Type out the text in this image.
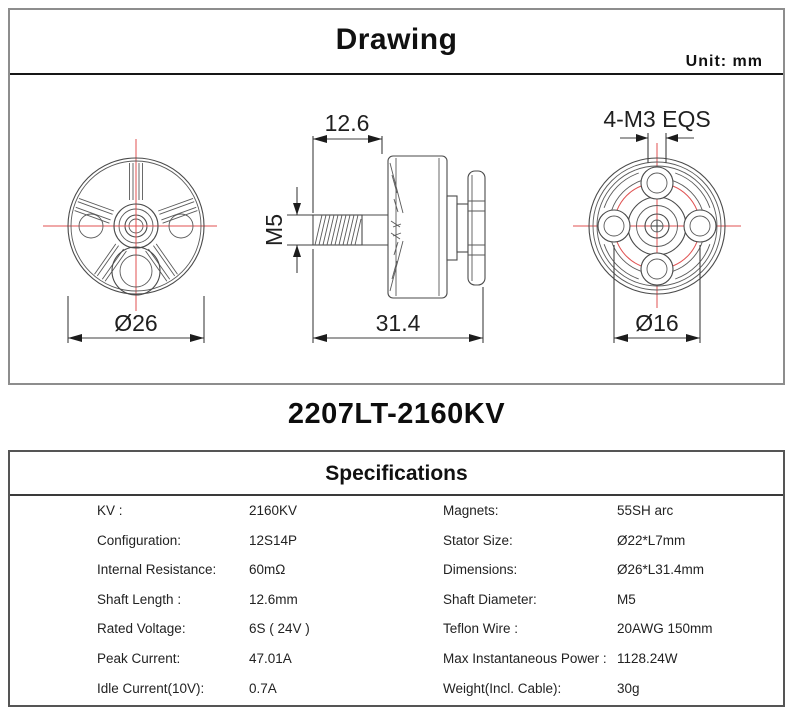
Drawing
Unit: mm
Ø26
12.6
M5
31.4
4-M3 EQS
Ø16
2207LT-2160KV
Specifications
KV :	2160KV	Magnets:	55SH arc
Configuration:	12S14P	Stator Size:	Ø22*L7mm
Internal Resistance:	60mΩ	Dimensions:	Ø26*L31.4mm
Shaft Length :	12.6mm	Shaft Diameter:	M5
Rated Voltage:	6S ( 24V )	Teflon Wire :	20AWG 150mm
Peak Current:	47.01A	Max Instantaneous Power : 1128.24W
Idle Current(10V):	0.7A	Weight(Incl. Cable):	30g
